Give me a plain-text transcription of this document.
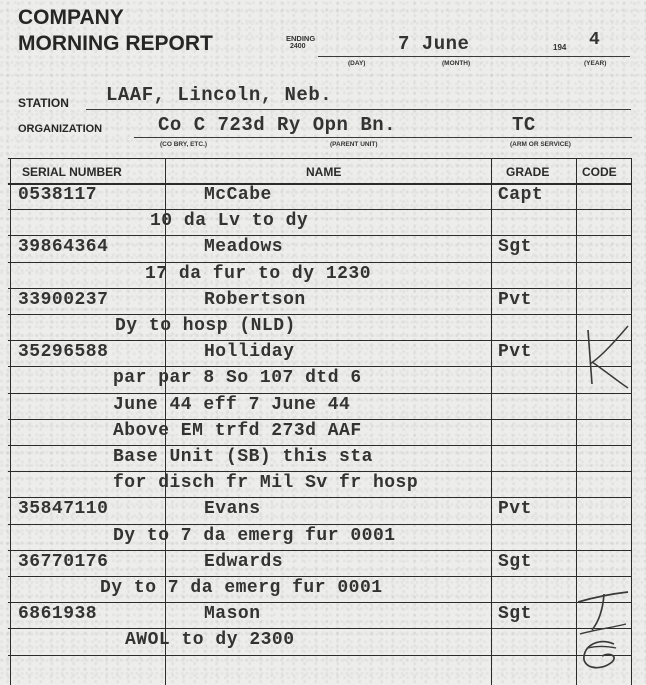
COMPANY
MORNING REPORT	ENDING
2400	7 June	194 4
(DAY)	(MONTH)	(YEAR)
STATION LAAF, Lincoln, Neb.
ORGANIZATION	Co C 723d Ry Opn Bn.	TC
(CO BRY, ETC.)	(PARENT UNIT)	(ARM OR SERVICE)
SERIAL NUMBER	NAME	GRADE	CODE
0538117	McCabe	Capt
10 da Lv to dy
39864364	Meadows	Sgt
17 da fur to dy 1230
33900237	Robertson	Pvt
Dy to hosp (NLD)
35296588	Holliday	Pvt
par par 8 So 107 dtd 6
June 44 eff 7 June 44
Above EM trfd 273d AAF
Base Unit (SB) this sta
for disch fr Mil Sv fr hosp
35847110	Evans	Pvt
Dy to 7 da emerg fur 0001
36770176	Edwards	Sgt
Dy to 7 da emerg fur 0001
6861938	Mason	Sgt
AWOL to dy 2300
